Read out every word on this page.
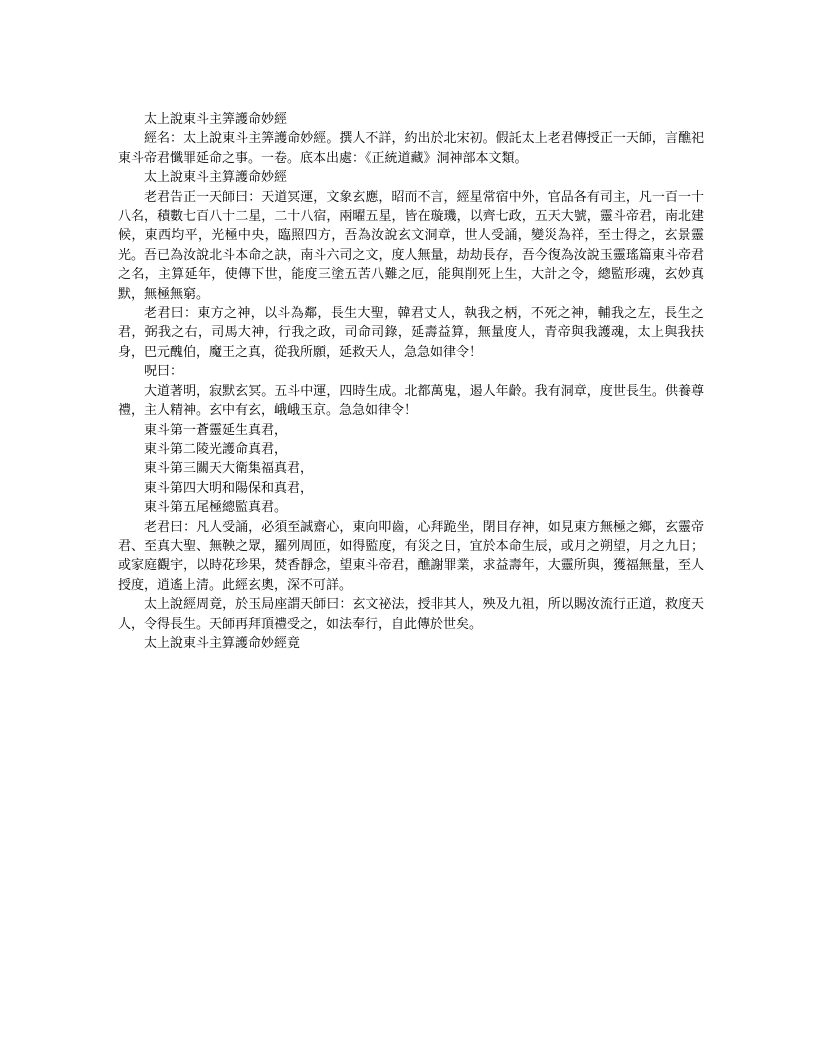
太上說東斗主筭護命妙經

經名：太上說東斗主筭護命妙經。撰人不詳，約出於北宋初。假託太上老君傳授正一天師，言醮祀東斗帝君懺罪延命之事。一卷。底本出處：《正統道藏》洞神部本文類。

太上說東斗主算護命妙經

老君告正一天師曰：天道冥運，文象玄應，昭而不言，經星常宿中外，官品各有司主，凡一百一十八名，積數七百八十二星，二十八宿，兩曜五星，皆在璇璣，以齊七政，五天大號，靈斗帝君，南北建候，東西均平，光極中央，臨照四方，吾為汝說玄文洞章，世人受誦，變災為祥，至士得之，玄景靈光。吾已為汝說北斗本命之訣，南斗六司之文，度人無量，劫劫長存，吾今復為汝說玉靈瑤篇東斗帝君之名，主算延年，使傳下世，能度三塗五苦八難之厄，能與削死上生，大計之令，總監形魂，玄妙真默，無極無窮。

老君曰：東方之神，以斗為鄰，長生大聖，韓君丈人，執我之柄，不死之神，輔我之左，長生之君，弼我之右，司馬大神，行我之政，司命司錄，延壽益算，無量度人，青帝與我護魂，太上與我扶身，巴元醜伯，魔王之真，從我所願，延救天人，急急如律令！

呪曰：

大道著明，寂默玄冥。五斗中運，四時生成。北都萬鬼，遏人年齡。我有洞章，度世長生。供養尊禮，主人精神。玄中有玄，峨峨玉京。急急如律令！

東斗第一蒼靈延生真君，

東斗第二陵光護命真君，

東斗第三關天大衛集福真君，

東斗第四大明和陽保和真君，

東斗第五尾極總監真君。

老君曰：凡人受誦，必須至誠齋心，東向叩齒，心拜跪坐，閉目存神，如見東方無極之鄉，玄靈帝君、至真大聖、無鞅之眾，羅列周匝，如得監度，有災之日，宜於本命生辰，或月之朔望，月之九日；或家庭觀宇，以時花珍果，焚香靜念，望東斗帝君，醮謝罪業，求益壽年，大靈所與，獲福無量，至人授度，逍遙上清。此經玄奧，深不可詳。

太上說經周竟，於玉局座謂天師曰：玄文祕法，授非其人，殃及九祖，所以賜汝流行正道，救度天人，令得長生。天師再拜頂禮受之，如法奉行，自此傳於世矣。

太上說東斗主算護命妙經竟
